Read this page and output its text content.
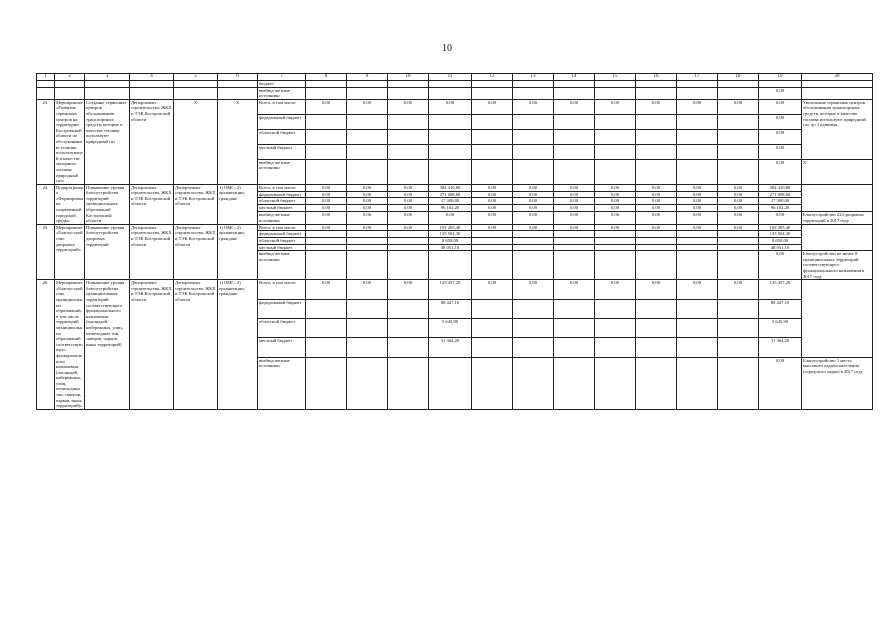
10
1	2	3	4	5	6	7	8	9	10	11	12	13	14	15	16	17	18	19	20
						бюджет													
						внебюд-жетные источники												0,00	
23.	Мероприятие «Развитие сервисных центров на территории Костромской области по обслуживанию техники, использующей в качестве моторного топлива природный газ»	Создание сервисных центров обслуживания транспортных средств, которые в качестве топлива используют природный газ	Департамент строительства, ЖКХ и ТЭК Костромской области	Х	Х	Всего, в том числе:	0,00	0,00	0,00	0,00	0,00	0,00	0,00	0,00	0,00	0,00	0,00	0,00	Увеличение сервисных центров обслуживания транспортных средств, которые в качестве топлива используют природный газ, до 1 единицы
						федеральный бюджет												0,00	
						областной бюджет												0,00	
						местный бюджет												0,00	
						внебюд-жетные источники												0,00	Х
24.	Подпрограмма «Формирование современной городской среды»	Повышение уровня благоустройства территорий муниципальных образований Костромской области	Департамент строительства, ЖКХ и ТЭК Костромской области	Департамент строительства, ЖКХ и ТЭК Костромской области	1) ОМС; 2) организации, граждане	Всего, в том числе:	0,00	0,00	0,00	384 410,80	0,00	0,00	0,00	0,00	0,00	0,00	0,00	384 410,80	
						федеральный бюджет	0,00	0,00	0,00	271 008,60	0,00	0,00	0,00	0,00	0,00	0,00	0,00	271 008,60	
						областной бюджет	0,00	0,00	0,00	17 300,00	0,00	0,00	0,00	0,00	0,00	0,00	0,00	17 300,00	
						местный бюджет	0,00	0,00	0,00	96 102,20	0,00	0,00	0,00	0,00	0,00	0,00	0,00	96 102,20	
						внебюд-жетные источники	0,00	0,00	0,00	0,00	0,00	0,00	0,00	0,00	0,00	0,00	0,00	0,00	Благоустройство 224 дворовых территорий в 2017 году
25.	Мероприятие «Благоустройство дворовых территорий»	Повышение уровня благоустройства дворовых территорий	Департамент строительства, ЖКХ и ТЭК Костромской области	Департамент строительства, ЖКХ и ТЭК Костромской области	1) ОМС; 2) организации, граждане	Всего, в том числе:	0,00	0,00	0,00	192 205,40	0,00	0,00	0,00	0,00	0,00	0,00	0,00	192 205,40	
						федеральный бюджет				135 504,30								135 504,30	
						областной бюджет				8 650,00								8 650,00	
						местный бюджет				48 051,10								48 051,10	
						внебюд-жетные источники												0,00	Благоустройство не менее 8 муниципальных территорий соответствующего функционального назначения в 2017 году
26.	Мероприятие «Благоустройство муниципальных образований, в том числе территорий муниципальных образований соответствующего функционального назначения (площадей, набережных, улиц, пешеходных зон, скверов, парков, иных территорий)»	Повышение уровня благоустройства муниципальных территорий соответствующего функционального назначения (площадей, набережных, улиц, пешеходных зон, скверов, парков, иных территорий)	Департамент строительства, ЖКХ и ТЭК Костромской области	Департамент строительства, ЖКХ и ТЭК Костромской области	1) ОМС; 2) организации, граждане	Всего, в том числе:	0,00	0,00	0,00	125 457,20	0,00	0,00	0,00	0,00	0,00	0,00	0,00	125 457,20	
						федеральный бюджет				88 447,10								88 447,10	
						областной бюджет				5 645,90								5 645,90	
						местный бюджет				31 364,20								31 364,20	
						внебюд-жетные источники												0,00	Благоустройство 1 места массового отдыха населения (городского парка) в 2017 году
